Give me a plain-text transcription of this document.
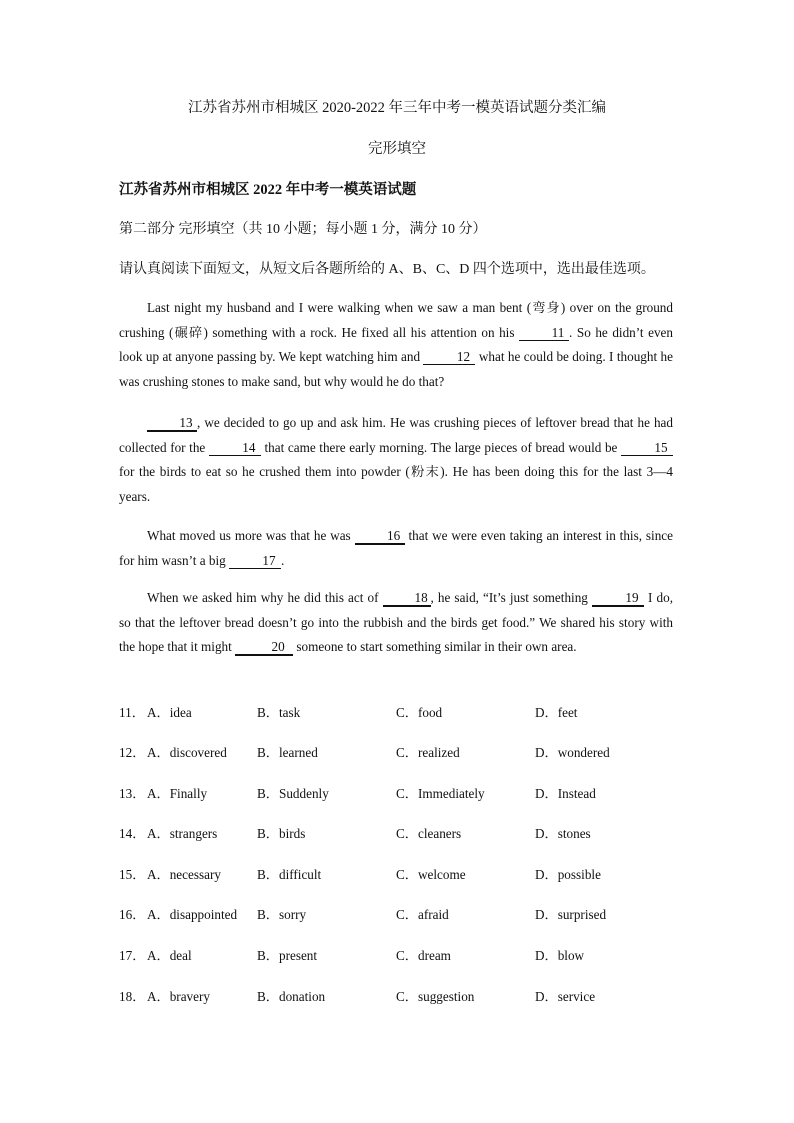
江苏省苏州市相城区 2020-2022 年三年中考一模英语试题分类汇编
完形填空
江苏省苏州市相城区 2022 年中考一模英语试题
第二部分 完形填空（共 10 小题；每小题 1 分，满分 10 分）
请认真阅读下面短文，从短文后各题所给的 A、B、C、D 四个选项中，选出最佳选项。

Last night my husband and I were walking when we saw a man bent (弯身) over on the ground crushing (碾碎) something with a rock. He fixed all his attention on his 11 . So he didn’t even look up at anyone passing by. We kept watching him and	12 what he could be doing. I thought he was crushing stones to make sand, but why would he do that?

13 , we decided to go up and ask him. He was crushing pieces of leftover bread that he had collected for the	14 that came there early morning. The large pieces of bread would be	15 for the birds to eat so he crushed them into powder (粉末). He has been doing this for the last 3—4 years.

What moved us more was that he was 16 that we were even taking an interest in this, since for him wasn’t a big	17 .

When we asked him why he did this act of 18 , he said, “It’s just something	19 I do, so that the leftover bread doesn’t go into the rubbish and the birds get food.” We shared his story with the hope that it might	20 someone to start something similar in their own area.

11． A．idea	B．task	C．food	D．feet
12． A．discovered B．learned	C．realized	D．wondered
13． A．Finally	B．Suddenly	C．Immediately	D．Instead
14． A．strangers	B．birds	C．cleaners	D．stones
15． A．necessary	B．difficult	C．welcome	D．possible
16． A．disappointed B．sorry	C．afraid	D．surprised
17． A．deal	B．present	C．dream	D．blow
18． A．bravery	B．donation	C．suggestion	D．service
